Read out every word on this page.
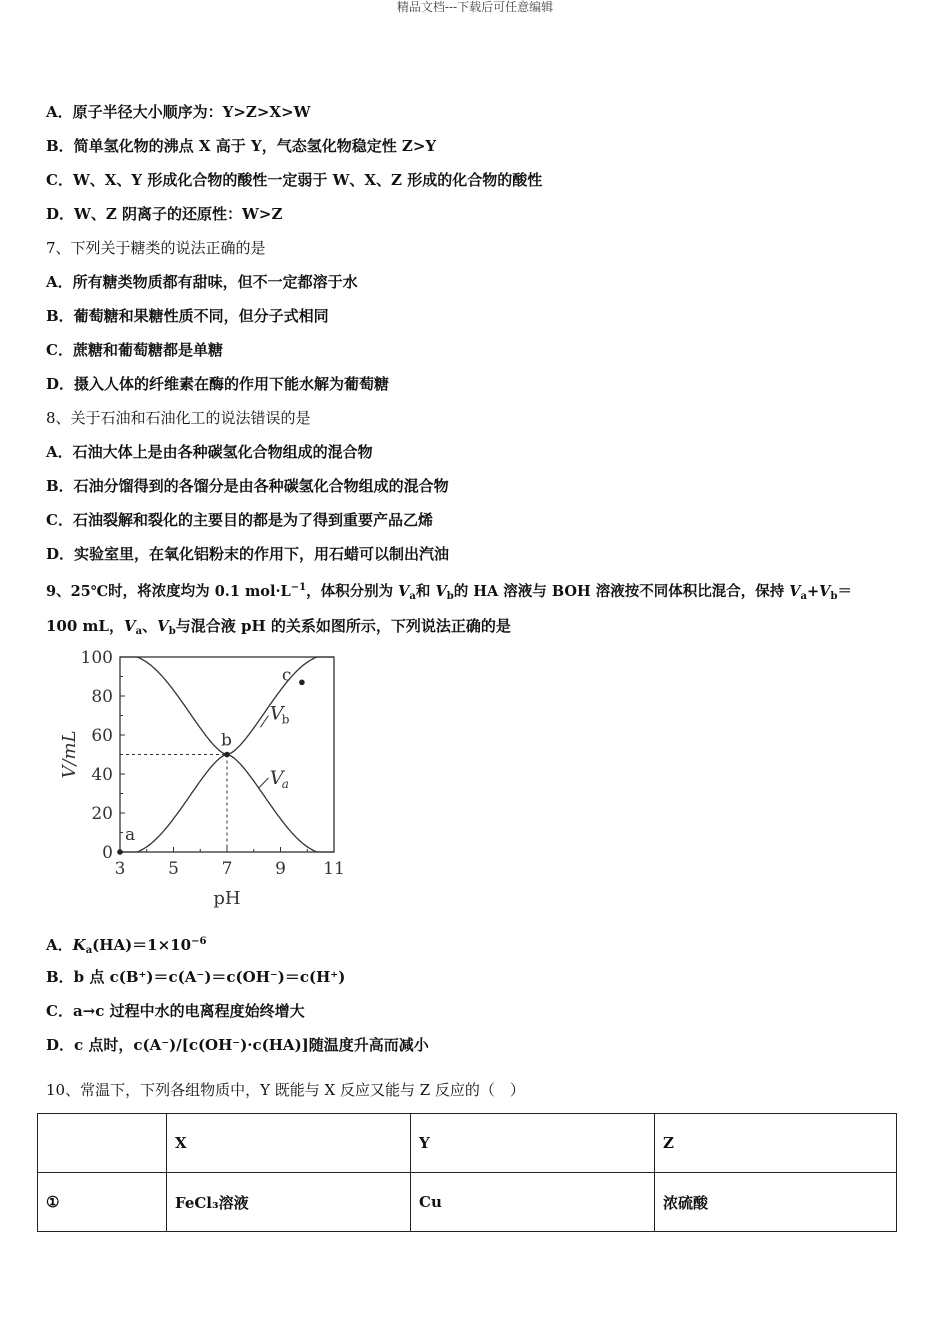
精品文档---下载后可任意编辑
A．原子半径大小顺序为：Y>Z>X>W
B．简单氢化物的沸点 X 高于 Y，气态氢化物稳定性 Z>Y
C．W、X、Y 形成化合物的酸性一定弱于 W、X、Z 形成的化合物的酸性
D．W、Z 阴离子的还原性：W>Z
7、下列关于糖类的说法正确的是
A．所有糖类物质都有甜味，但不一定都溶于水
B．葡萄糖和果糖性质不同，但分子式相同
C．蔗糖和葡萄糖都是单糖
D．摄入人体的纤维素在酶的作用下能水解为葡萄糖
8、关于石油和石油化工的说法错误的是
A．石油大体上是由各种碳氢化合物组成的混合物
B．石油分馏得到的各馏分是由各种碳氢化合物组成的混合物
C．石油裂解和裂化的主要目的都是为了得到重要产品乙烯
D．实验室里，在氧化铝粉末的作用下，用石蜡可以制出汽油
9、25℃时，将浓度均为 0.1 $mol\cdot L^{-1}$，体积分别为 $V_a$和 $V_b$的 HA 溶液与 BOH 溶液按不同体积比混合，保持 $V_a+V_b=$
100 mL，$V_a$、$V_b$与混合液 pH 的关系如图所示，下列说法正确的是
0
20
40
60
80
100
3	5	7	9 11
pH
V/mL
V
b
V
a
a
b
c
A．$K_a(HA)=1\times 10^{-6}$
B．b 点 c(B⁺)＝c(A⁻)＝c(OH⁻)＝c(H⁺)
C．a→c 过程中水的电离程度始终增大
D．c 点时，c(A⁻)/[c(OH⁻)·c(HA)]随温度升高而减小
10、常温下，下列各组物质中，Y 既能与 X 反应又能与 Z 反应的（　）
	X	Y	Z
①	FeCl₃溶液	Cu	浓硫酸
